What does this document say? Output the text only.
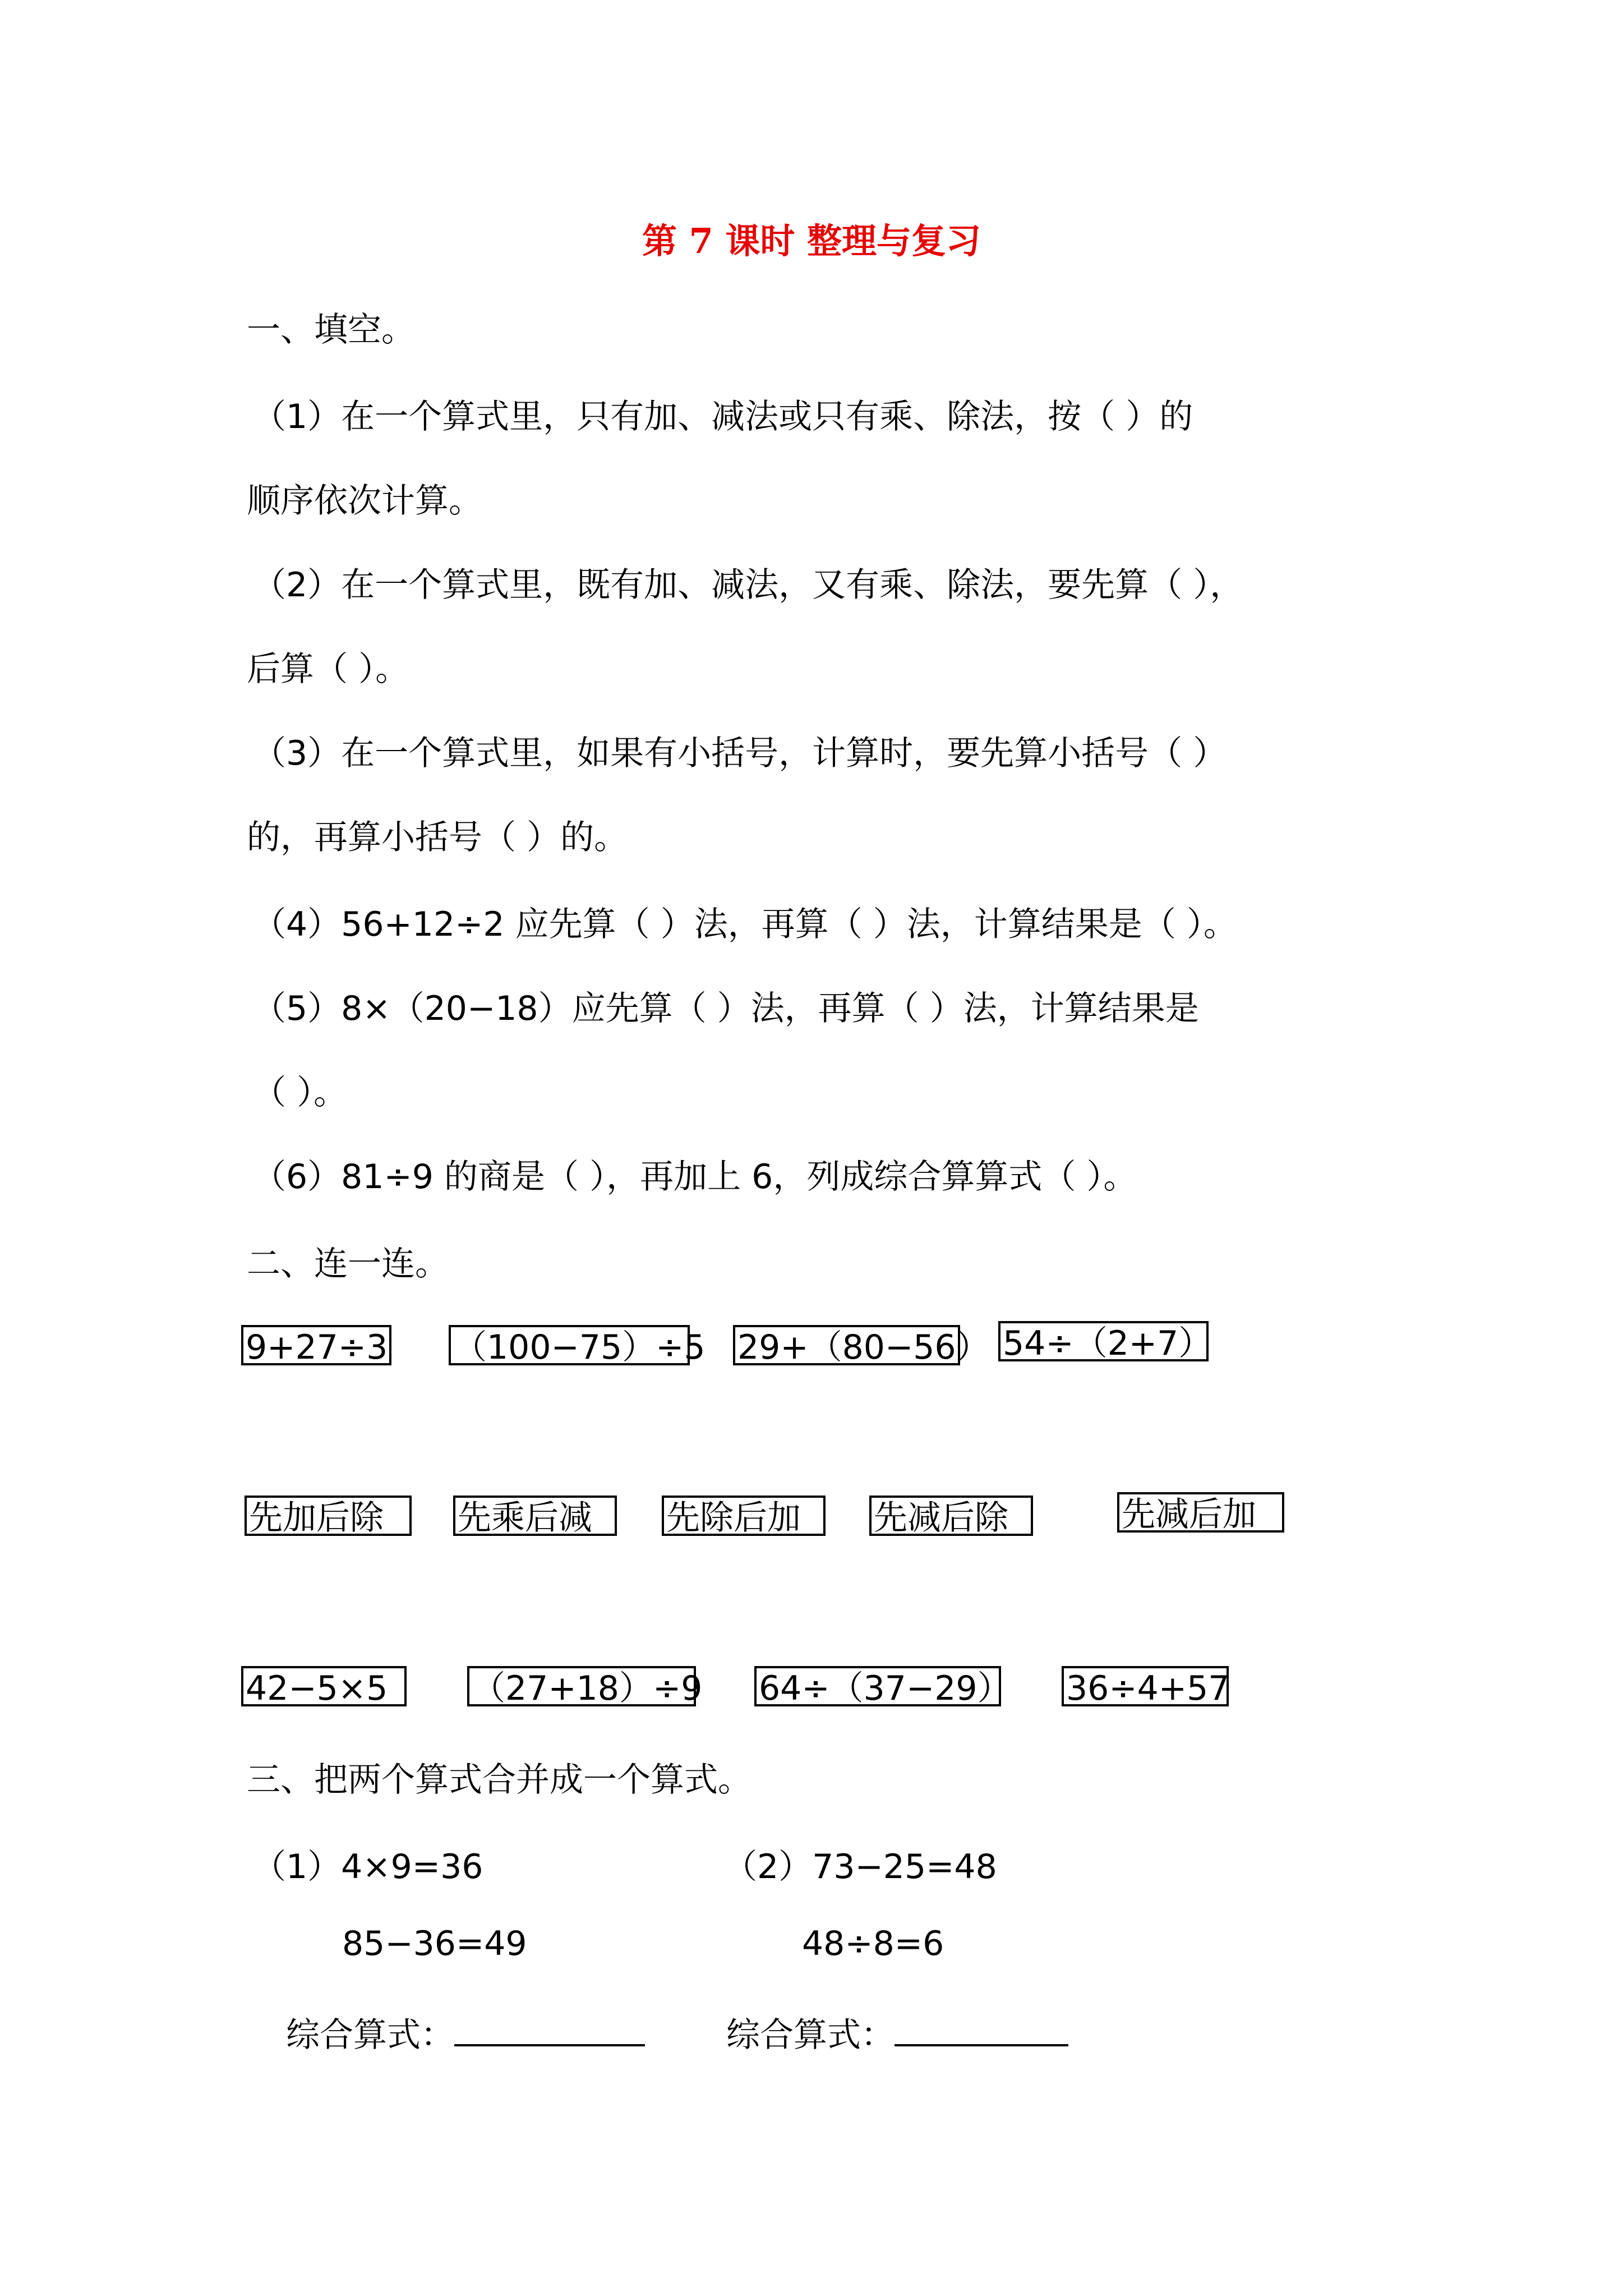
第 7 课时 整理与复习
一、填空。
（1）在一个算式里，只有加、减法或只有乘、除法，按（ ）的
顺序依次计算。
（2）在一个算式里，既有加、减法，又有乘、除法，要先算（ ），
后算（ ）。
（3）在一个算式里，如果有小括号，计算时，要先算小括号（ ）
的，再算小括号（ ）的。
（4）56+12÷2 应先算（ ）法，再算（ ）法，计算结果是（ ）。
（5）8×（20−18）应先算（ ）法，再算（ ）法，计算结果是
（ ）。
（6）81÷9 的商是（ ），再加上 6，列成综合算算式（ ）。
二、连一连。
9+27÷3 （100−75）÷5 29+（80−56） 54÷（2+7）
先加后除	先乘后减	先除后加	先减后除	先减后加
42−5×5	（27+18）÷9 64÷（37−29） 36÷4+57
三、把两个算式合并成一个算式。
（1）4×9=36
85−36=49
（2）73−25=48
48÷8=6
综合算式：	综合算式：
